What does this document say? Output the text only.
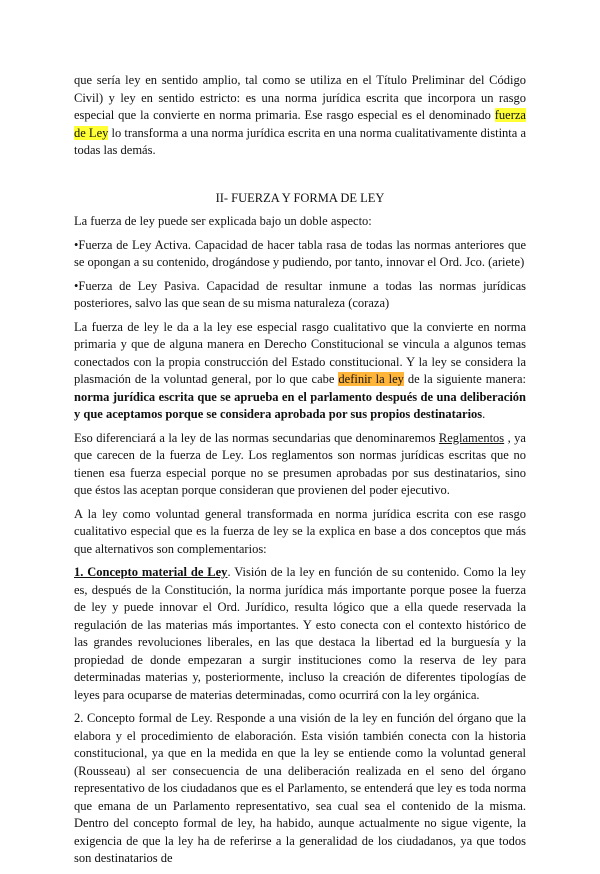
que sería ley en sentido amplio, tal como se utiliza en el Título Preliminar del Código Civil) y ley en sentido estricto: es una norma jurídica escrita que incorpora un rasgo especial que la convierte en norma primaria. Ese rasgo especial es el denominado fuerza de Ley lo transforma a una norma jurídica escrita en una norma cualitativamente distinta a todas las demás.

II- FUERZA Y FORMA DE LEY

La fuerza de ley puede ser explicada bajo un doble aspecto:

•Fuerza de Ley Activa. Capacidad de hacer tabla rasa de todas las normas anteriores que se opongan a su contenido, drogándose y pudiendo, por tanto, innovar el Ord. Jco. (ariete)

•Fuerza de Ley Pasiva. Capacidad de resultar inmune a todas las normas jurídicas posteriores, salvo las que sean de su misma naturaleza (coraza)

La fuerza de ley le da a la ley ese especial rasgo cualitativo que la convierte en norma primaria y que de alguna manera en Derecho Constitucional se vincula a algunos temas conectados con la propia construcción del Estado constitucional. Y la ley se considera la plasmación de la voluntad general, por lo que cabe definir la ley de la siguiente manera: norma jurídica escrita que se aprueba en el parlamento después de una deliberación y que aceptamos porque se considera aprobada por sus propios destinatarios.

Eso diferenciará a la ley de las normas secundarias que denominaremos Reglamentos , ya que carecen de la fuerza de Ley. Los reglamentos son normas jurídicas escritas que no tienen esa fuerza especial porque no se presumen aprobadas por sus destinatarios, sino que éstos las aceptan porque consideran que provienen del poder ejecutivo.

A la ley como voluntad general transformada en norma jurídica escrita con ese rasgo cualitativo especial que es la fuerza de ley se la explica en base a dos conceptos que más que alternativos son complementarios:

1. Concepto material de Ley. Visión de la ley en función de su contenido. Como la ley es, después de la Constitución, la norma jurídica más importante porque posee la fuerza de ley y puede innovar el Ord. Jurídico, resulta lógico que a ella quede reservada la regulación de las materias más importantes. Y esto conecta con el contexto histórico de las grandes revoluciones liberales, en las que destaca la libertad ed la burguesía y la propiedad de donde empezaran a surgir instituciones como la reserva de ley para determinadas materias y, posteriormente, incluso la creación de diferentes tipologías de leyes para ocuparse de materias determinadas, como ocurrirá con la ley orgánica.

2. Concepto formal de Ley. Responde a una visión de la ley en función del órgano que la elabora y el procedimiento de elaboración. Esta visión también conecta con la historia constitucional, ya que en la medida en que la ley se entiende como la voluntad general (Rousseau) al ser consecuencia de una deliberación realizada en el seno del órgano representativo de los ciudadanos que es el Parlamento, se entenderá que ley es toda norma que emana de un Parlamento representativo, sea cual sea el contenido de la misma. Dentro del concepto formal de ley, ha habido, aunque actualmente no sigue vigente, la exigencia de que la ley ha de referirse a la generalidad de los ciudadanos, ya que todos son destinatarios de
